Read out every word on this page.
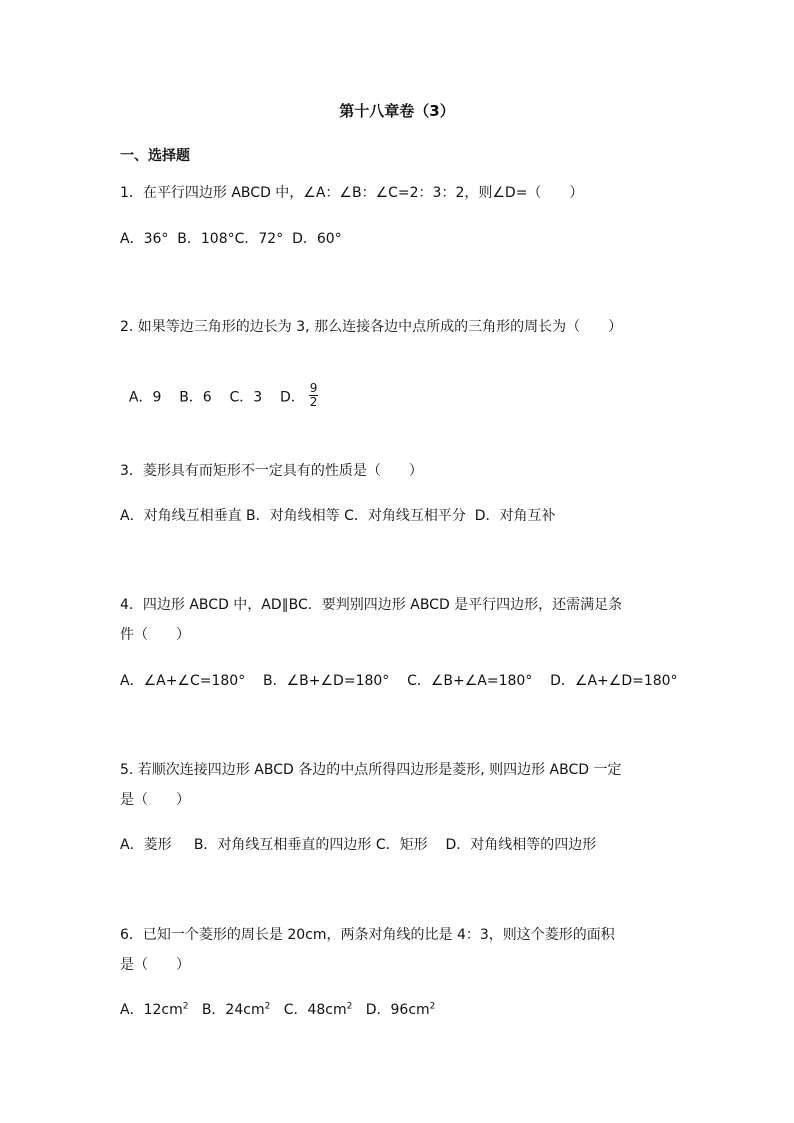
第十八章卷（3）
一、选择题
1．在平行四边形 ABCD 中，∠A：∠B：∠C=2：3：2，则∠D=（　　）
A．36°  B．108°C．72°  D．60°
2. 如果等边三角形的边长为 3, 那么连接各边中点所成的三角形的周长为（　　）

A．9    B．6    C．3    D． $\frac{9}{2}$

3．菱形具有而矩形不一定具有的性质是（　　）
A．对角线互相垂直 B．对角线相等 C．对角线互相平分  D．对角互补
4．四边形 ABCD 中，AD∥BC．要判别四边形 ABCD 是平行四边形，还需满足条
件（　　）
A．∠A+∠C=180°    B．∠B+∠D=180°    C．∠B+∠A=180°    D．∠A+∠D=180°
5. 若顺次连接四边形 ABCD 各边的中点所得四边形是菱形, 则四边形 ABCD 一定
是（　　）
A．菱形     B．对角线互相垂直的四边形 C．矩形    D．对角线相等的四边形
6．已知一个菱形的周长是 20cm，两条对角线的比是 4：3，则这个菱形的面积
是（　　）
A．$12cm^2$ B．$24cm^2$ C．$48cm^2$ D．$96cm^2$
